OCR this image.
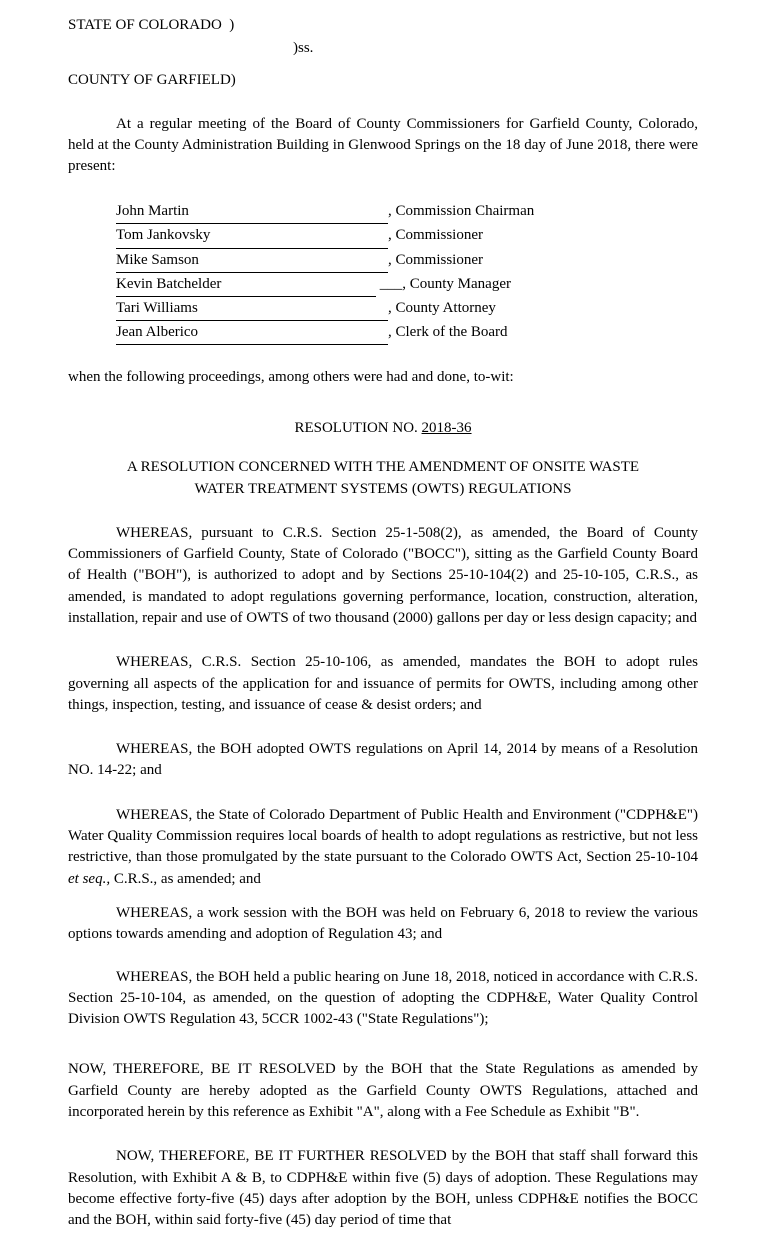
STATE OF COLORADO  )
)ss.
COUNTY OF GARFIELD)

At a regular meeting of the Board of County Commissioners for Garfield County, Colorado, held at the County Administration Building in Glenwood Springs on the 18 day of June 2018, there were present:

John Martin	, Commission Chairman
Tom Jankovsky	, Commissioner
Mike Samson	, Commissioner
Kevin Batchelder	___, County Manager
Tari Williams	, County Attorney
Jean Alberico	, Clerk of the Board

when the following proceedings, among others were had and done, to-wit:

RESOLUTION NO. 2018-36

A RESOLUTION CONCERNED WITH THE AMENDMENT OF ONSITE WASTE
WATER TREATMENT SYSTEMS (OWTS) REGULATIONS

WHEREAS, pursuant to C.R.S. Section 25-1-508(2), as amended, the Board of County Commissioners of Garfield County, State of Colorado ("BOCC"), sitting as the Garfield County Board of Health ("BOH"), is authorized to adopt and by Sections 25-10-104(2) and 25-10-105, C.R.S., as amended, is mandated to adopt regulations governing performance, location, construction, alteration, installation, repair and use of OWTS of two thousand (2000) gallons per day or less design capacity; and

WHEREAS, C.R.S. Section 25-10-106, as amended, mandates the BOH to adopt rules governing all aspects of the application for and issuance of permits for OWTS, including among other things, inspection, testing, and issuance of cease & desist orders; and

WHEREAS, the BOH adopted OWTS regulations on April 14, 2014 by means of a Resolution NO. 14-22; and

WHEREAS, the State of Colorado Department of Public Health and Environment ("CDPH&E") Water Quality Commission requires local boards of health to adopt regulations as restrictive, but not less restrictive, than those promulgated by the state pursuant to the Colorado OWTS Act, Section 25-10-104 et seq., C.R.S., as amended; and

WHEREAS, a work session with the BOH was held on February 6, 2018 to review the various options towards amending and adoption of Regulation 43; and

WHEREAS, the BOH held a public hearing on June 18, 2018, noticed in accordance with C.R.S. Section 25-10-104, as amended, on the question of adopting the CDPH&E, Water Quality Control Division OWTS Regulation 43, 5CCR 1002-43 ("State Regulations");

NOW, THEREFORE, BE IT RESOLVED by the BOH that the State Regulations as amended by Garfield County are hereby adopted as the Garfield County OWTS Regulations, attached and incorporated herein by this reference as Exhibit "A", along with a Fee Schedule as Exhibit "B".

NOW, THEREFORE, BE IT FURTHER RESOLVED by the BOH that staff shall forward this Resolution, with Exhibit A & B, to CDPH&E within five (5) days of adoption. These Regulations may become effective forty-five (45) days after adoption by the BOH, unless CDPH&E notifies the BOCC and the BOH, within said forty-five (45) day period of time that
